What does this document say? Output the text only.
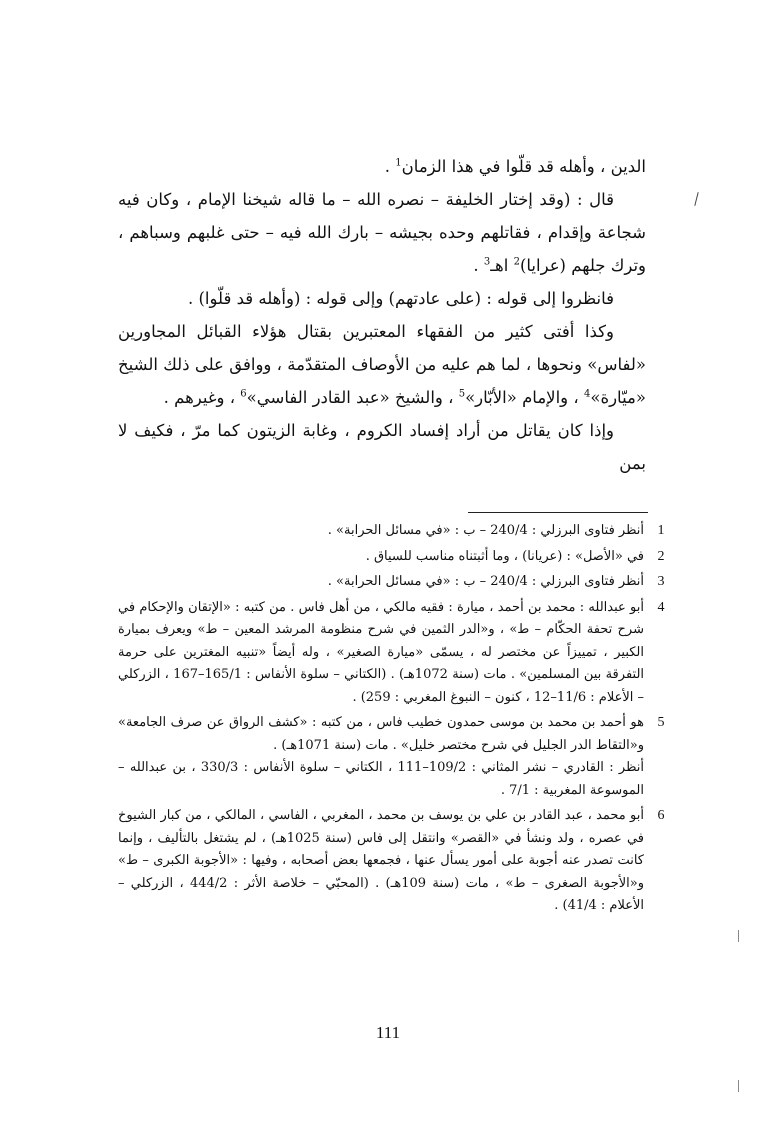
الدين ، وأهله قد قلّوا في هذا الزمان$^1$ .

قال : (وقد إختار الخليفة – نصره الله – ما قاله شيخنا الإمام ، وكان فيه شجاعة وإقدام ، فقاتلهم وحده بجيشه – بارك الله فيه – حتى غلبهم وسباهم ، وترك جلهم (عرايا)$^2$ اهـ$^3$ .

فانظروا إلى قوله : (على عادتهم) وإلى قوله : (وأهله قد قلّوا) .

وكذا أفتى كثير من الفقهاء المعتبرين بقتال هؤلاء القبائل المجاورين «لفاس» ونحوها ، لما هم عليه من الأوصاف المتقدّمة ، ووافق على ذلك الشيخ «ميّارة»$^4$ ، والإمام «الأبّار»$^5$ ، والشيخ «عبد القادر الفاسي»$^6$ ، وغيرهم .

وإذا كان يقاتل من أراد إفساد الكروم ، وغابة الزيتون كما مرّ ، فكيف لا بمن

1
أنظر فتاوى البرزلي : 240/4 – ب : «في مسائل الحرابة» .
2
في «الأصل» : (عريانا) ، وما أثبتناه مناسب للسياق .
3
أنظر فتاوى البرزلي : 240/4 – ب : «في مسائل الحرابة» .
4
أبو عبدالله : محمد بن أحمد ، ميارة : فقيه مالكي ، من أهل فاس . من كتبه : «الإتقان والإحكام في شرح تحفة الحكّام – ط» ، و«الدر الثمين في شرح منظومة المرشد المعين – ط» ويعرف بميارة الكبير ، تمييزاً عن مختصر له ، يسمّى «ميارة الصغير» ، وله أيضاً «تنبيه المغترين على حرمة التفرقة بين المسلمين» . مات (سنة 1072هـ) . (الكتاني – سلوة الأنفاس : 165/1–167 ، الزركلي – الأعلام : 11/6–12 ، كنون – النبوغ المغربي : 259) .
5
هو أحمد بن محمد بن موسى حمدون خطيب فاس ، من كتبه : «كشف الرواق عن صرف الجامعة» و«التقاط الدر الجليل في شرح مختصر خليل» . مات (سنة 1071هـ) .
أنظر : القادري – نشر المثاني : 109/2–111 ، الكتاني – سلوة الأنفاس : 330/3 ، بن عبدالله – الموسوعة المغربية : 7/1 .
6
أبو محمد ، عبد القادر بن علي بن يوسف بن محمد ، المغربي ، الفاسي ، المالكي ، من كبار الشيوخ في عصره ، ولد ونشأ في «القصر» وانتقل إلى فاس (سنة 1025هـ) ، لم يشتغل بالتأليف ، وإنما كانت تصدر عنه أجوبة على أمور يسأل عنها ، فجمعها بعض أصحابه ، وفيها : «الأجوبة الكبرى – ط» و«الأجوبة الصغرى – ط» ، مات (سنة 109هـ) . (المحبّي – خلاصة الأثر : 444/2 ، الزركلي – الأعلام : 41/4) .
111
